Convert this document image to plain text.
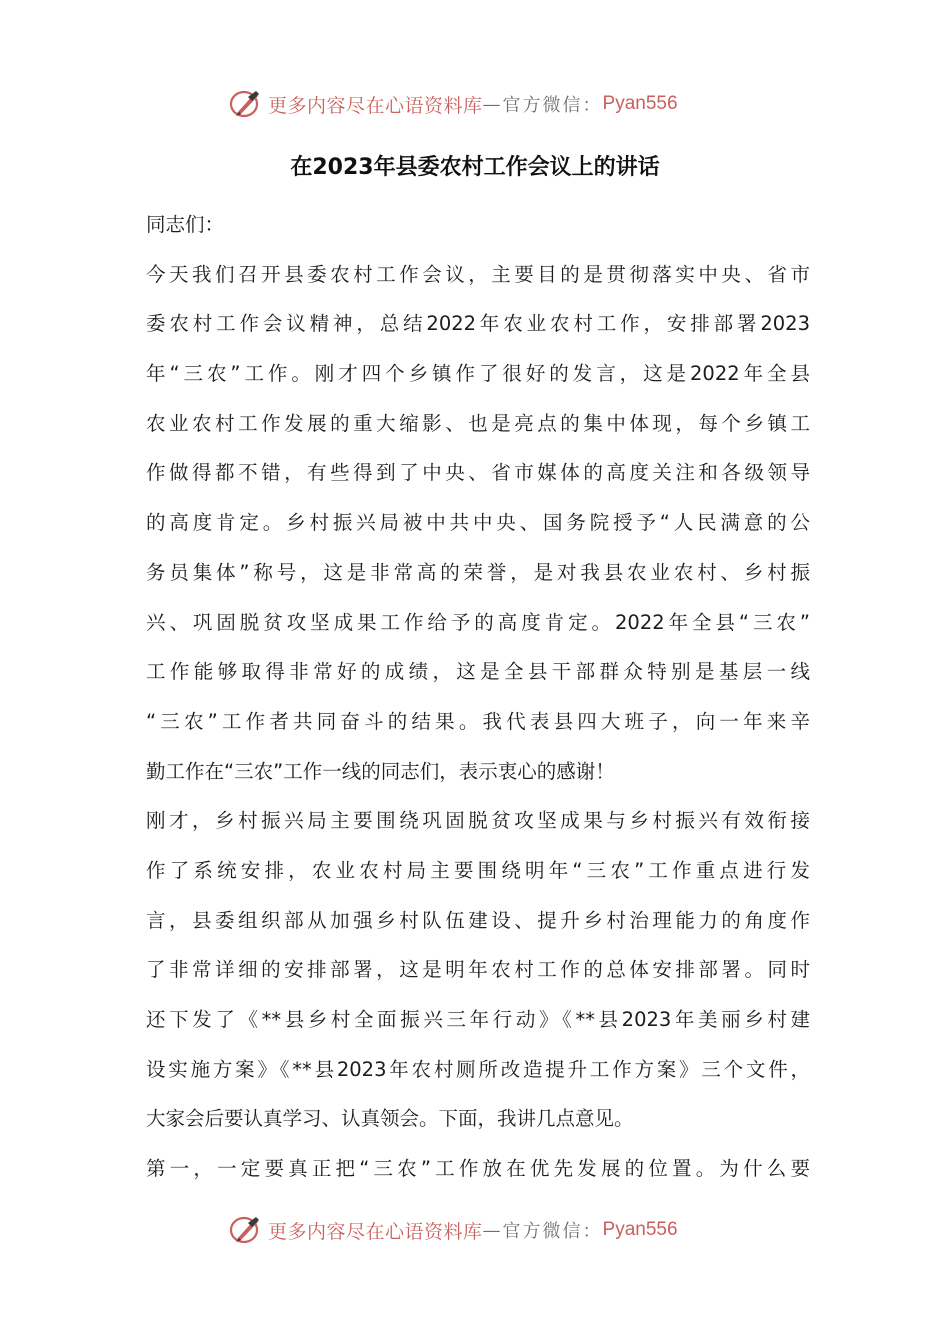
更多内容尽在心语资料库 — 官方微信： Pyan556
在2023年县委农村工作会议上的讲话
同志们：
今天我们召开县委农村工作会议，主要目的是贯彻落实中央、省市
委农村工作会议精神，总结2022年农业农村工作，安排部署2023
年“三农”工作。刚才四个乡镇作了很好的发言，这是2022年全县
农业农村工作发展的重大缩影、也是亮点的集中体现，每个乡镇工
作做得都不错，有些得到了中央、省市媒体的高度关注和各级领导
的高度肯定。乡村振兴局被中共中央、国务院授予“人民满意的公
务员集体”称号，这是非常高的荣誉，是对我县农业农村、乡村振
兴、巩固脱贫攻坚成果工作给予的高度肯定。2022年全县“三农”
工作能够取得非常好的成绩，这是全县干部群众特别是基层一线
“三农”工作者共同奋斗的结果。我代表县四大班子，向一年来辛
勤工作在“三农”工作一线的同志们，表示衷心的感谢！
刚才，乡村振兴局主要围绕巩固脱贫攻坚成果与乡村振兴有效衔接
作了系统安排，农业农村局主要围绕明年“三农”工作重点进行发
言，县委组织部从加强乡村队伍建设、提升乡村治理能力的角度作
了非常详细的安排部署，这是明年农村工作的总体安排部署。同时
还下发了《**县乡村全面振兴三年行动》《**县2023年美丽乡村建
设实施方案》《**县2023年农村厕所改造提升工作方案》三个文件，
大家会后要认真学习、认真领会。下面，我讲几点意见。
第一，一定要真正把“三农”工作放在优先发展的位置。为什么要
更多内容尽在心语资料库 — 官方微信： Pyan556
